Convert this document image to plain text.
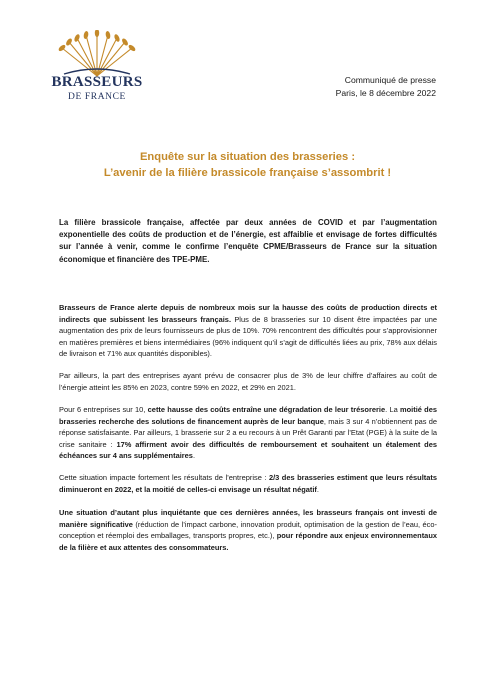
BRASSEURS
DE FRANCE
Communiqué de presse
Paris, le 8 décembre 2022
Enquête sur la situation des brasseries :
L’avenir de la filière brassicole française s’assombrit !

La filière brassicole française, affectée par deux années de COVID et par l’augmentation exponentielle des coûts de production et de l’énergie, est affaiblie et envisage de fortes difficultés sur l’année à venir, comme le confirme l’enquête CPME/Brasseurs de France sur la situation économique et financière des TPE-PME.

Brasseurs de France alerte depuis de nombreux mois sur la hausse des coûts de production directs et indirects que subissent les brasseurs français. Plus de 8 brasseries sur 10 disent être impactées par une augmentation des prix de leurs fournisseurs de plus de 10%. 70% rencontrent des difficultés pour s’approvisionner en matières premières et biens intermédiaires (96% indiquent qu’il s’agit de difficultés liées au prix, 78% aux délais de livraison et 71% aux quantités disponibles).

Par ailleurs, la part des entreprises ayant prévu de consacrer plus de 3% de leur chiffre d’affaires au coût de l’énergie atteint les 85% en 2023, contre 59% en 2022, et 29% en 2021.

Pour 6 entreprises sur 10, cette hausse des coûts entraîne une dégradation de leur trésorerie. La moitié des brasseries recherche des solutions de financement auprès de leur banque, mais 3 sur 4 n’obtiennent pas de réponse satisfaisante. Par ailleurs, 1 brasserie sur 2 a eu recours à un Prêt Garanti par l’Etat (PGE) à la suite de la crise sanitaire : 17% affirment avoir des difficultés de remboursement et souhaitent un étalement des échéances sur 4 ans supplémentaires.

Cette situation impacte fortement les résultats de l’entreprise : 2/3 des brasseries estiment que leurs résultats diminueront en 2022, et la moitié de celles-ci envisage un résultat négatif.

Une situation d’autant plus inquiétante que ces dernières années, les brasseurs français ont investi de manière significative (réduction de l’impact carbone, innovation produit, optimisation de la gestion de l’eau, éco-conception et réemploi des emballages, transports propres, etc.), pour répondre aux enjeux environnementaux de la filière et aux attentes des consommateurs.
